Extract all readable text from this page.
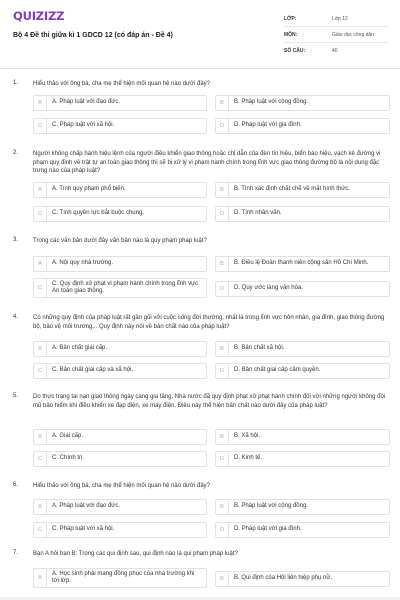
QUIZIZZ
Bộ 4 Đề thi giữa kì 1 GDCD 12 (có đáp án - Đề 4)
LỚP:	Lớp 12
MÔN:	Giáo dục công dân
SỐ CÂU:	40
1. Hiểu thảo với ông bà, cha mẹ thể hiện mối quan hệ nào dưới đây?
A	A. Pháp luật với đạo đức.	B	B. Pháp luật với cộng đồng.
C	C. Pháp luật với xã hội.	D	D. Pháp luật với gia đình.
2. Người không chấp hành hiệu lệnh của người điều khiển giao thông hoặc chỉ dẫn của đèn tín hiệu, biển báo hiệu, vạch kẻ đường vi phạm quy định về trật tự an toàn giao thông thì sẽ bị xử lý vi phạm hành chính trong lĩnh vực giao thông đường bộ là nội dung đặc trưng nào của pháp luật?
A	A. Tính quy phạm phổ biến.	B	B. Tính xác định chặt chẽ về mặt hình thức.
C	C. Tính quyền lực bắt buộc chung.	D	D. Tính nhân văn.
3. Trong các văn bản dưới đây văn bản nào là quy phạm pháp luật?
A	A. Nội quy nhà trường.	B	B. Điều lệ Đoàn thanh niên cộng sản Hồ Chí Minh.
C
C. Quy định xử phạt vi phạm hành chính trong lĩnh vực An toàn giao thông.	D	D. Quy ước làng văn hóa.
4. Có những quy định của pháp luật rất gần gũi với cuộc sống đời thường, nhất là trong lĩnh vực hôn nhân, gia đình, giao thông đường bộ, bảo vệ môi trường... Quy định này nói về bản chất nào của pháp luật?
A	A. Bản chất giai cấp.	B	B. Bản chất xã hội.
C	C. Bản chất giai cấp và xã hội.	D	D. Bản chất giai cấp cầm quyền.
5. Do thực trạng tai nạn giao thông ngày càng gia tăng, Nhà nước đã quy định phạt xử phạt hành chính đối với những người không đội mũ bảo hiểm khi điều khiển xe đạp điện, xe máy điện. Điều này thể hiện bản chất nào dưới đây của pháp luật?
A	A. Giai cấp.	B	B. Xã hội.
C	C. Chính trị.	D	D. Kinh tế.
6. Hiểu thảo với ông bà, cha mẹ thể hiện mối quan hệ nào dưới đây?
A	A. Pháp luật với đạo đức.	B	B. Pháp luật với cộng đồng.
C	C. Pháp luật với xã hội.	D	D. Pháp luật với gia đình.
7. Bạn A hỏi bạn B: Trong các qui định sau, qui định nào là qui phạm pháp luật?
A
A. Học sinh phải mang đồng phục của nhà trường khi tới lớp.	B	B. Qui định của Hội liên hiệp phụ nữ.
